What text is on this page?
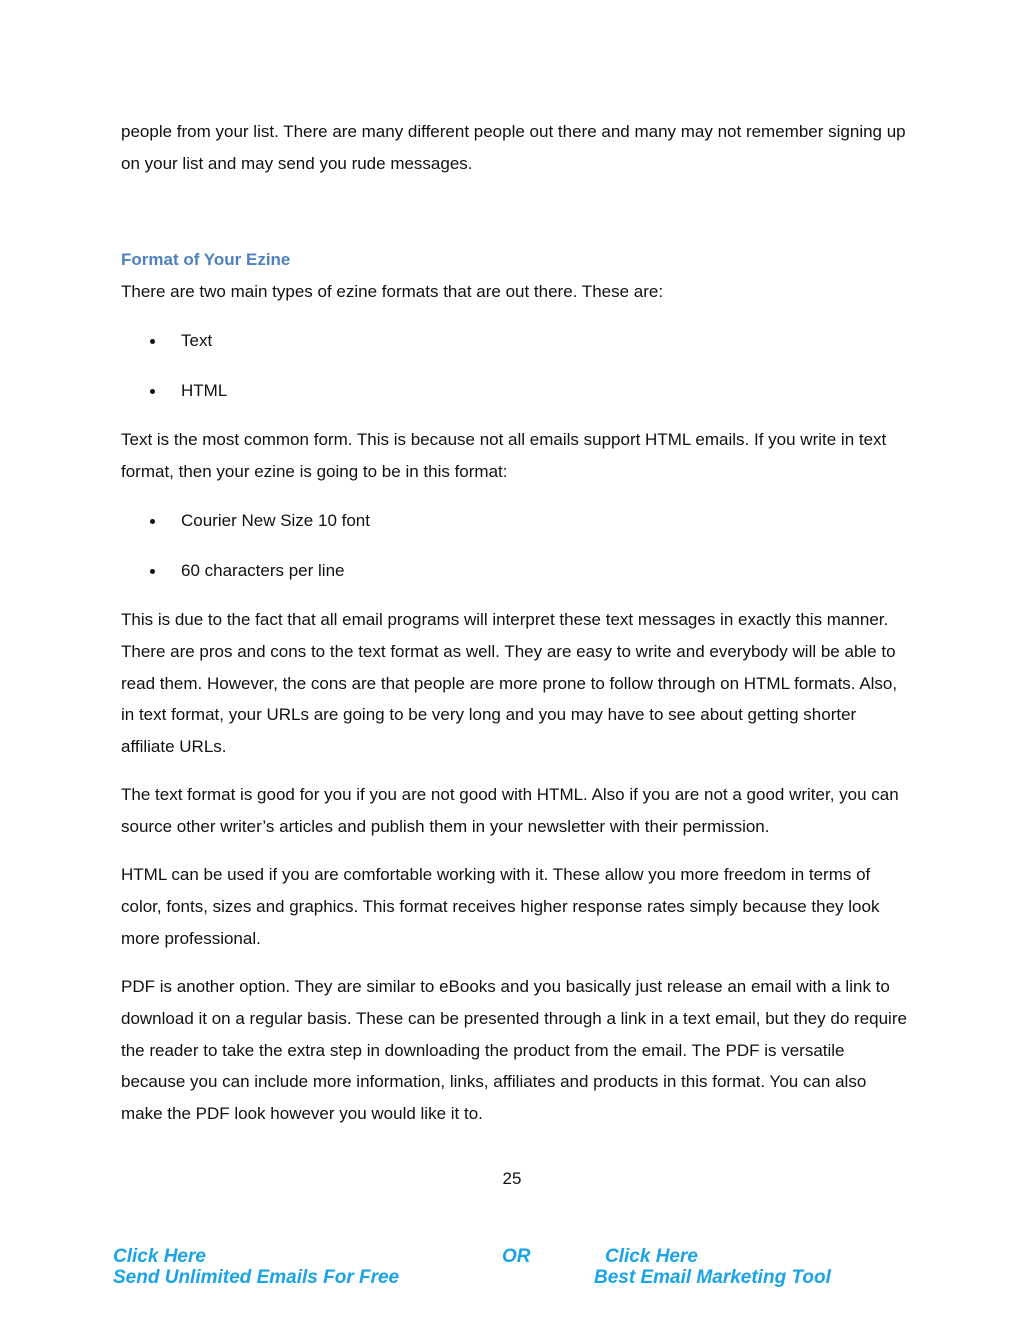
people from your list. There are many different people out there and many may not remember signing up on your list and may send you rude messages.

Format of Your Ezine

There are two main types of ezine formats that are out there. These are:

Text
HTML

Text is the most common form. This is because not all emails support HTML emails. If you write in text format, then your ezine is going to be in this format:

Courier New Size 10 font
60 characters per line

This is due to the fact that all email programs will interpret these text messages in exactly this manner. There are pros and cons to the text format as well. They are easy to write and everybody will be able to read them. However, the cons are that people are more prone to follow through on HTML formats. Also, in text format, your URLs are going to be very long and you may have to see about getting shorter affiliate URLs.

The text format is good for you if you are not good with HTML. Also if you are not a good writer, you can source other writer’s articles and publish them in your newsletter with their permission.

HTML can be used if you are comfortable working with it. These allow you more freedom in terms of color, fonts, sizes and graphics. This format receives higher response rates simply because they look more professional.

PDF is another option. They are similar to eBooks and you basically just release an email with a link to download it on a regular basis. These can be presented through a link in a text email, but they do require the reader to take the extra step in downloading the product from the email. The PDF is versatile because you can include more information, links, affiliates and products in this format. You can also make the PDF look however you would like it to.

25
Click Here
Send Unlimited Emails For Free
OR	Click Here
Best Email Marketing Tool
